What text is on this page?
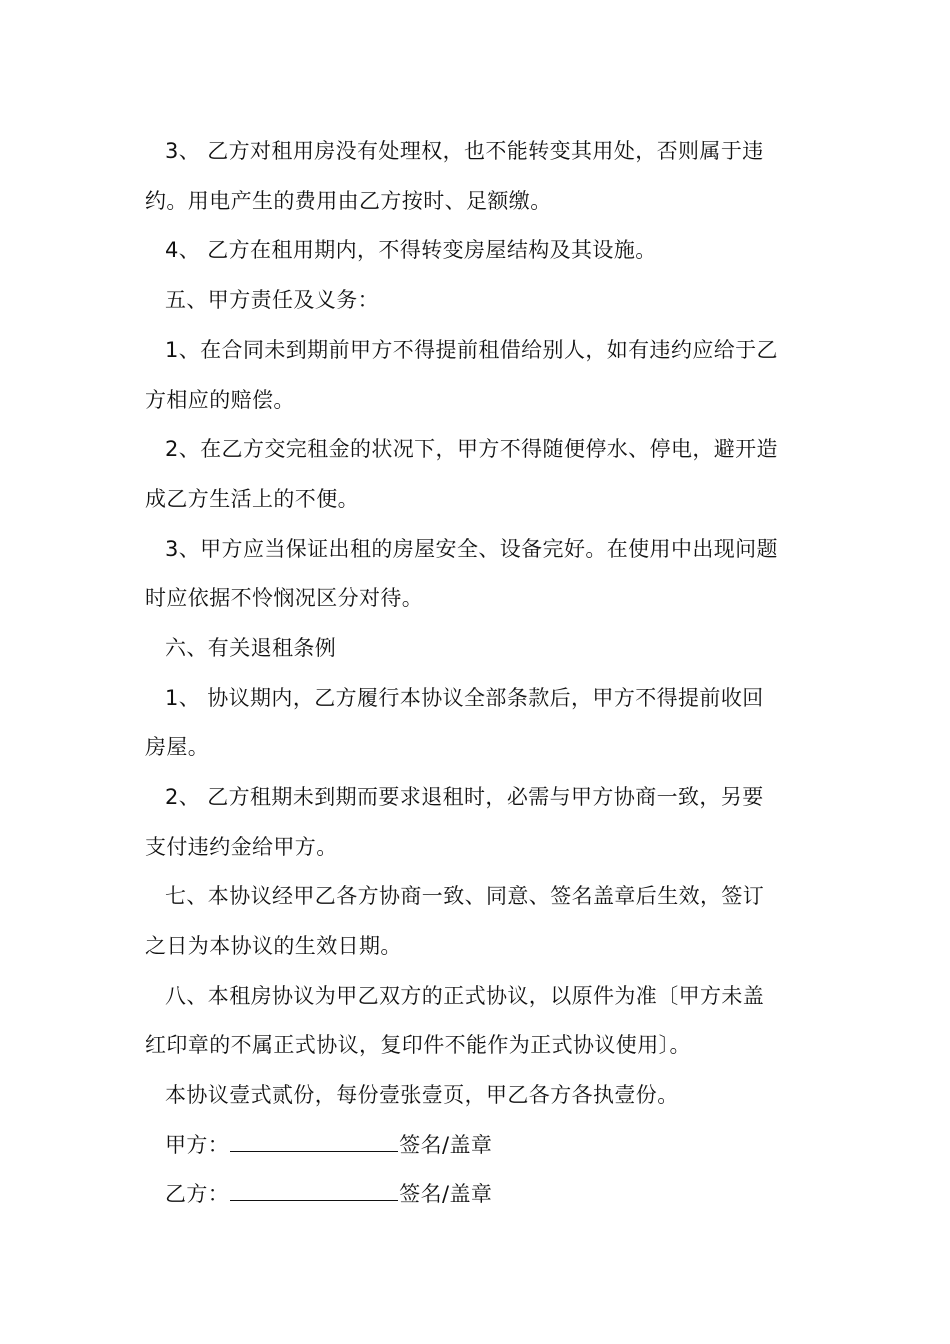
3、 乙方对租用房没有处理权，也不能转变其用处，否则属于违
约。用电产生的费用由乙方按时、足额缴。
4、 乙方在租用期内，不得转变房屋结构及其设施。
五、甲方责任及义务：
1、在合同未到期前甲方不得提前租借给别人，如有违约应给于乙
方相应的赔偿。
2、在乙方交完租金的状况下，甲方不得随便停水、停电，避开造
成乙方生活上的不便。
3、甲方应当保证出租的房屋安全、设备完好。在使用中出现问题
时应依据不怜悯况区分对待。
六、有关退租条例
1、 协议期内，乙方履行本协议全部条款后，甲方不得提前收回
房屋。
2、 乙方租期未到期而要求退租时，必需与甲方协商一致，另要
支付违约金给甲方。
七、本协议经甲乙各方协商一致、同意、签名盖章后生效，签订
之日为本协议的生效日期。
八、本租房协议为甲乙双方的正式协议，以原件为准〔甲方未盖
红印章的不属正式协议，复印件不能作为正式协议使用〕。
本协议壹式贰份，每份壹张壹页，甲乙各方各执壹份。
甲方：	签名/盖章
乙方：	签名/盖章
